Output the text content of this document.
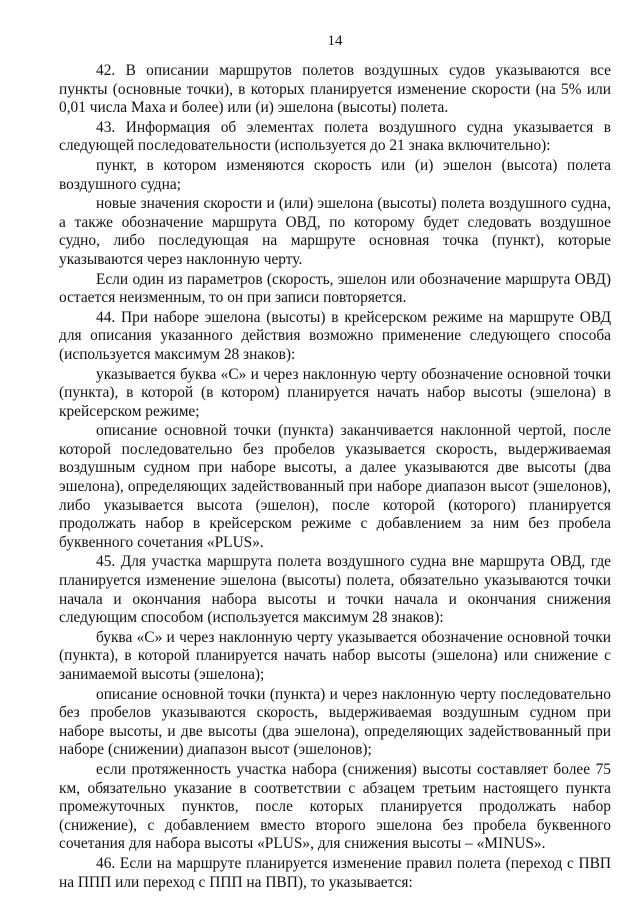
14

42. В описании маршрутов полетов воздушных судов указываются все пункты (основные точки), в которых планируется изменение скорости (на 5% или 0,01 числа Маха и более) или (и) эшелона (высоты) полета.

43. Информация об элементах полета воздушного судна указывается в следующей последовательности (используется до 21 знака включительно):

пункт, в котором изменяются скорость или (и) эшелон (высота) полета воздушного судна;

новые значения скорости и (или) эшелона (высоты) полета воздушного судна, а также обозначение маршрута ОВД, по которому будет следовать воздушное судно, либо последующая на маршруте основная точка (пункт), которые указываются через наклонную черту.

Если один из параметров (скорость, эшелон или обозначение маршрута ОВД) остается неизменным, то он при записи повторяется.

44. При наборе эшелона (высоты) в крейсерском режиме на маршруте ОВД для описания указанного действия возможно применение следующего способа (используется максимум 28 знаков):

указывается буква «С» и через наклонную черту обозначение основной точки (пункта), в которой (в котором) планируется начать набор высоты (эшелона) в крейсерском режиме;

описание основной точки (пункта) заканчивается наклонной чертой, после которой последовательно без пробелов указывается скорость, выдерживаемая воздушным судном при наборе высоты, а далее указываются две высоты (два эшелона), определяющих задействованный при наборе диапазон высот (эшелонов), либо указывается высота (эшелон), после которой (которого) планируется продолжать набор в крейсерском режиме с добавлением за ним без пробела буквенного сочетания «PLUS».

45. Для участка маршрута полета воздушного судна вне маршрута ОВД, где планируется изменение эшелона (высоты) полета, обязательно указываются точки начала и окончания набора высоты и точки начала и окончания снижения следующим способом (используется максимум 28 знаков):

буква «С» и через наклонную черту указывается обозначение основной точки (пункта), в которой планируется начать набор высоты (эшелона) или снижение с занимаемой высоты (эшелона);

описание основной точки (пункта) и через наклонную черту последовательно без пробелов указываются скорость, выдерживаемая воздушным судном при наборе высоты, и две высоты (два эшелона), определяющих задействованный при наборе (снижении) диапазон высот (эшелонов);

если протяженность участка набора (снижения) высоты составляет более 75 км, обязательно указание в соответствии с абзацем третьим настоящего пункта промежуточных пунктов, после которых планируется продолжать набор (снижение), с добавлением вместо второго эшелона без пробела буквенного сочетания для набора высоты «PLUS», для снижения высоты – «MINUS».

46. Если на маршруте планируется изменение правил полета (переход с ПВП на ППП или переход с ППП на ПВП), то указывается:
